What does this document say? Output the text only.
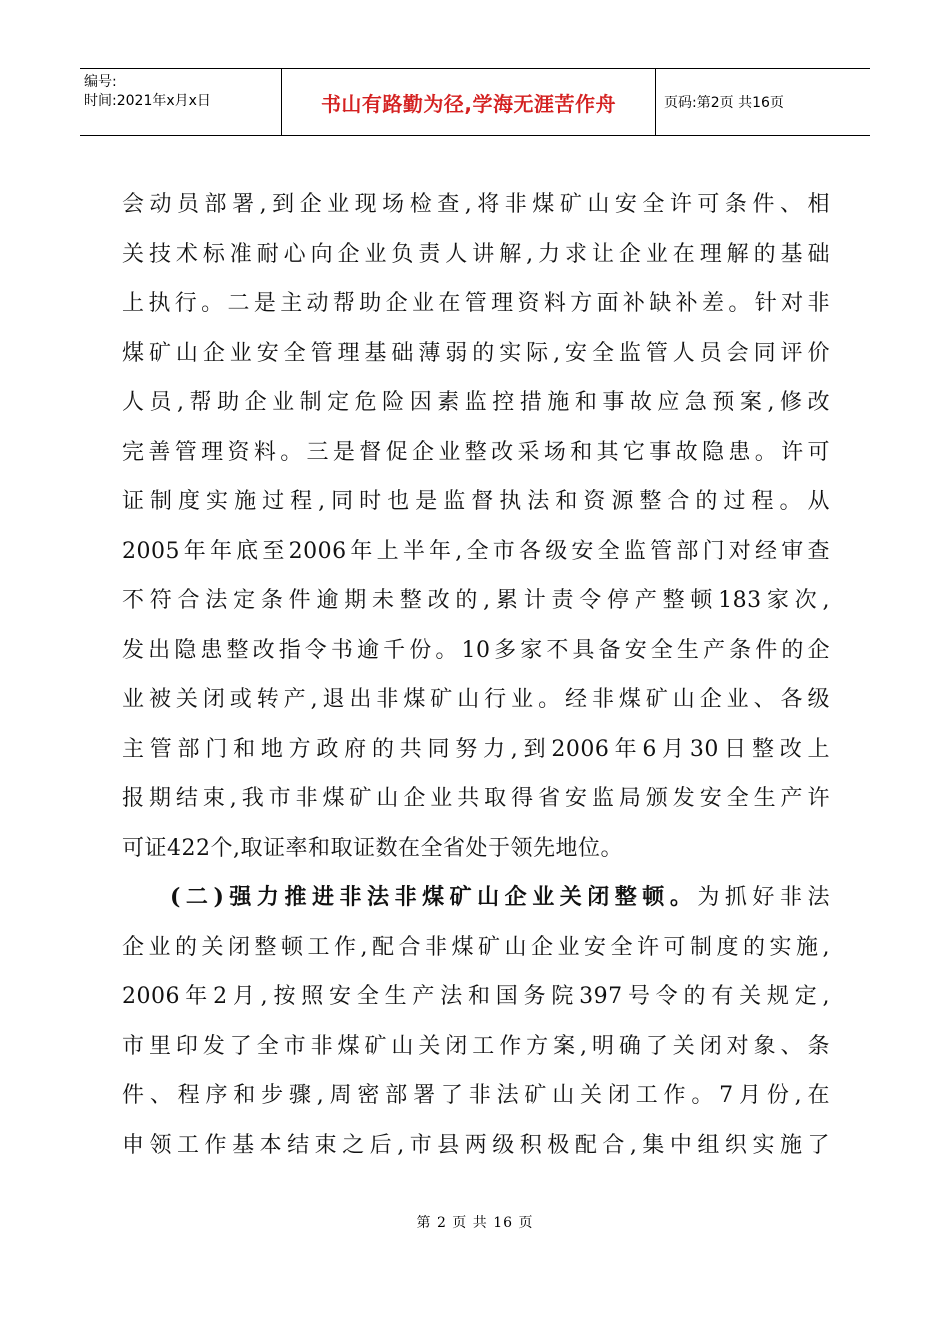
编号:
时间:2021年x月x日	书山有路勤为径,学海无涯苦作舟	页码:第2页 共16页
会动员部署,到企业现场检查,将非煤矿山安全许可条件、相
关技术标准耐心向企业负责人讲解,力求让企业在理解的基础
上执行。二是主动帮助企业在管理资料方面补缺补差。针对非
煤矿山企业安全管理基础薄弱的实际,安全监管人员会同评价
人员,帮助企业制定危险因素监控措施和事故应急预案,修改
完善管理资料。三是督促企业整改采场和其它事故隐患。许可
证制度实施过程,同时也是监督执法和资源整合的过程。从
2005年年底至2006年上半年,全市各级安全监管部门对经审查
不符合法定条件逾期未整改的,累计责令停产整顿183家次,
发出隐患整改指令书逾千份。10多家不具备安全生产条件的企
业被关闭或转产,退出非煤矿山行业。经非煤矿山企业、各级
主管部门和地方政府的共同努力,到2006年6月30日整改上
报期结束,我市非煤矿山企业共取得省安监局颁发安全生产许
可证422个,取证率和取证数在全省处于领先地位。
(二)强力推进非法非煤矿山企业关闭整顿。为抓好非法
企业的关闭整顿工作,配合非煤矿山企业安全许可制度的实施,
2006年2月,按照安全生产法和国务院397号令的有关规定,
市里印发了全市非煤矿山关闭工作方案,明确了关闭对象、条
件、程序和步骤,周密部署了非法矿山关闭工作。7月份,在
申领工作基本结束之后,市县两级积极配合,集中组织实施了
第 2 页 共 16 页
